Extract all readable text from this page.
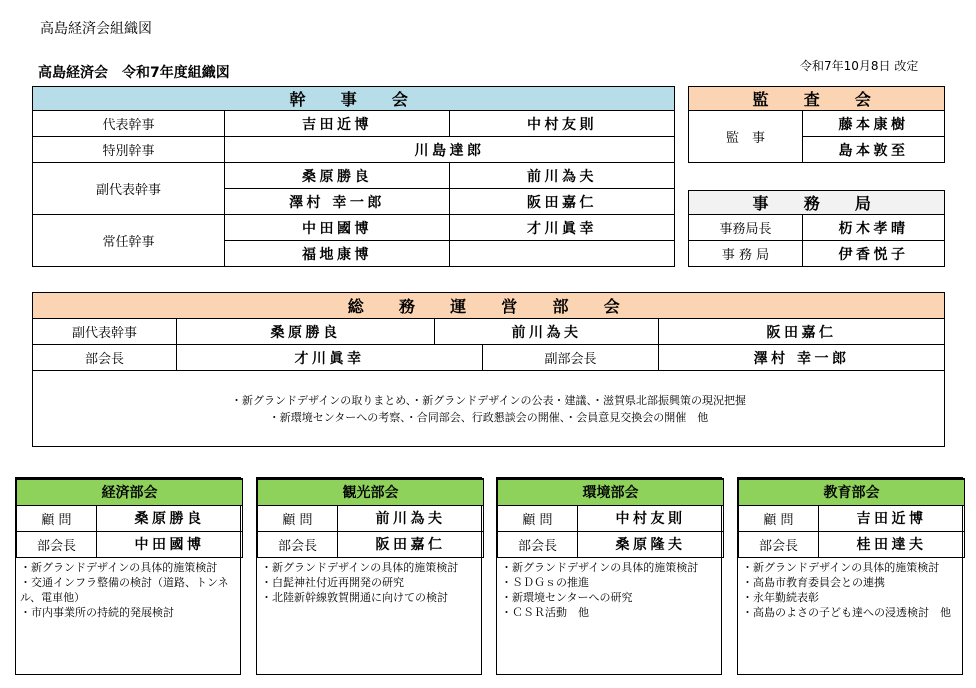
高島経済会組織図
高島経済会　令和7年度組織図	令和7年10月8日 改定
幹　事　会		
代表幹事	吉田近博	中村友則
特別幹事	川島達郎	
副代表幹事	桑原勝良	前川為夫
	澤村 幸一郎	阪田嘉仁
常任幹事	中田國博	才川眞幸
	福地康博	
監　査　会
監　事	藤本康樹
島本敦至
事　務　局	
事務局長	杤木孝晴
事 務 局	伊香悦子
総　務　運　営　部　会				
副代表幹事	桑原勝良	前川為夫		阪田嘉仁
部会長	才川眞幸		副部会長	澤村 幸一郎

・新グランドデザインの取りまとめ、・新グランドデザインの公表・建議、・滋賀県北部振興策の現況把握
・新環境センターへの考察、・合同部会、行政懇談会の開催、・会員意見交換会の開催　他				
経済部会	
顧 問	桑原勝良
部会長	中田國博
・新グランドデザインの具体的施策検討
・交通インフラ整備の検討（道路、トンネル、電車他）
・市内事業所の持続的発展検討
観光部会	
顧 問	前川為夫
部会長	阪田嘉仁
・新グランドデザインの具体的施策検討
・白髭神社付近再開発の研究
・北陸新幹線敦賀開通に向けての検討
環境部会	
顧 問	中村友則
部会長	桑原隆夫
・新グランドデザインの具体的施策検討
・ＳＤＧｓの推進
・新環境センターへの研究
・ＣＳＲ活動　他
教育部会	
顧 問	吉田近博
部会長	桂田達夫
・新グランドデザインの具体的施策検討
・高島市教育委員会との連携
・永年勤続表彰
・高島のよさの子ども達への浸透検討　他
